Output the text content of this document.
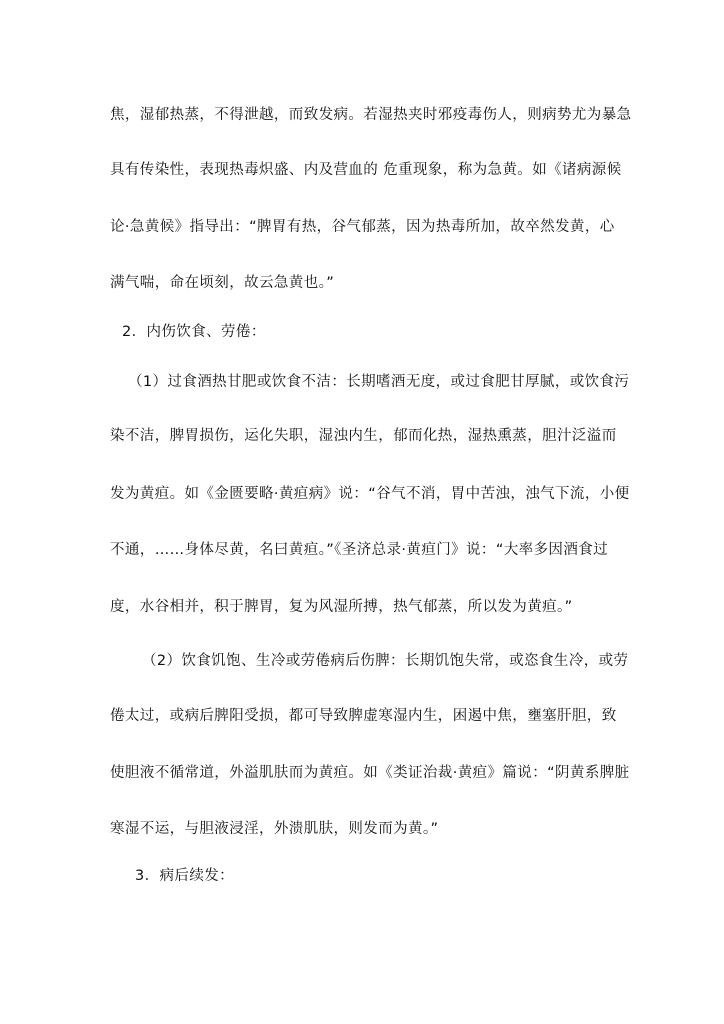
焦，湿郁热蒸，不得泄越，而致发病。若湿热夹时邪疫毒伤人，则病势尤为暴急
具有传染性，表现热毒炽盛、内及营血的 危重现象，称为急黄。如《诸病源候
论·急黄候》指导出：“脾胃有热，谷气郁蒸，因为热毒所加，故卒然发黄，心
满气喘，命在顷刻，故云急黄也。”
2．内伤饮食、劳倦：
（1）过食酒热甘肥或饮食不洁：长期嗜酒无度，或过食肥甘厚腻，或饮食污
染不洁，脾胃损伤，运化失职，湿浊内生，郁而化热，湿热熏蒸，胆汁泛溢而
发为黄疸。如《金匮要略·黄疸病》说：“谷气不消，胃中苦浊，浊气下流，小便
不通，……身体尽黄，名曰黄疸。”《圣济总录·黄疸门》说：“大率多因酒食过
度，水谷相并，积于脾胃，复为风湿所搏，热气郁蒸，所以发为黄疸。”
（2）饮食饥饱、生冷或劳倦病后伤脾：长期饥饱失常，或恣食生冷，或劳
倦太过，或病后脾阳受损，都可导致脾虚寒湿内生，困遏中焦，壅塞肝胆，致
使胆液不循常道，外溢肌肤而为黄疸。如《类证治裁·黄疸》篇说：“阴黄系脾脏
寒湿不运，与胆液浸淫，外溃肌肤，则发而为黄。”
3．病后续发：
